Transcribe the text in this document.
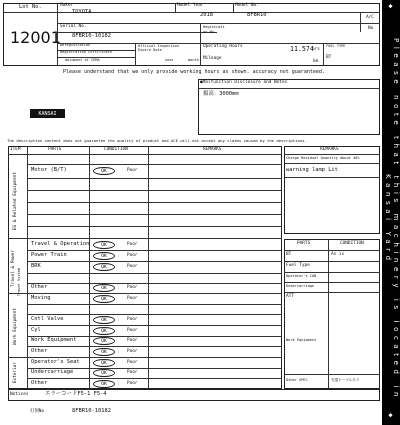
Lot No.
12001
Maker
TOYOTA
Model Year
2018
Model No.
8FBR10
Serial No.
8FBR10-10182
Registrati
on No.
A/C
No
Deregistration
Registration Certificate
document of CEMA
Official Inspection
Expire Date
year	month
Operating Hours	11.574
hrs
Mileage
km
FUEL TYPE
BT
Please understand that we only provide working hours as shown. accuracy not guaranteed.
●Malfunction Disclosure and Notes
揚高：3000mm
KANSAI
The description content does not guarantee the quality of product and ACE will not accept any claims caused by the descriptions.
ITEM	PARTS	CONDITION	REMARKS
EG & Related Equipment
Motor (B/T)	OK	Poor
Travel & Power Travel System
Travel & Operation	OK	Poor
Power Train	OK	Poor
BRK	OK	Poor
Other	OK	Poor
Work Equipment
Moving	OK	Poor
Cntl Valve	OK	Poor
Cyl	OK	Poor
Work Equipment	OK	Poor
Other	OK	Poor
Exterior Operator's Seat	OK	Poor
Undercarriage	OK	Poor
Other	OK	Poor
REMARKS
Charge Residual Quantity About 40%
warning lamp Lit
PARTS	CONDITION
BT	As is
Fuel Type
Operator's CAB
Undercarriage
ATT
Work Equipment
Other SPEC	充電ケーブルあり
Notices	エラーコードF5-1 F5-4
打刻No	8FBR10-10182
◆
Please note that this machinery is located in Kansai Yard
◆
